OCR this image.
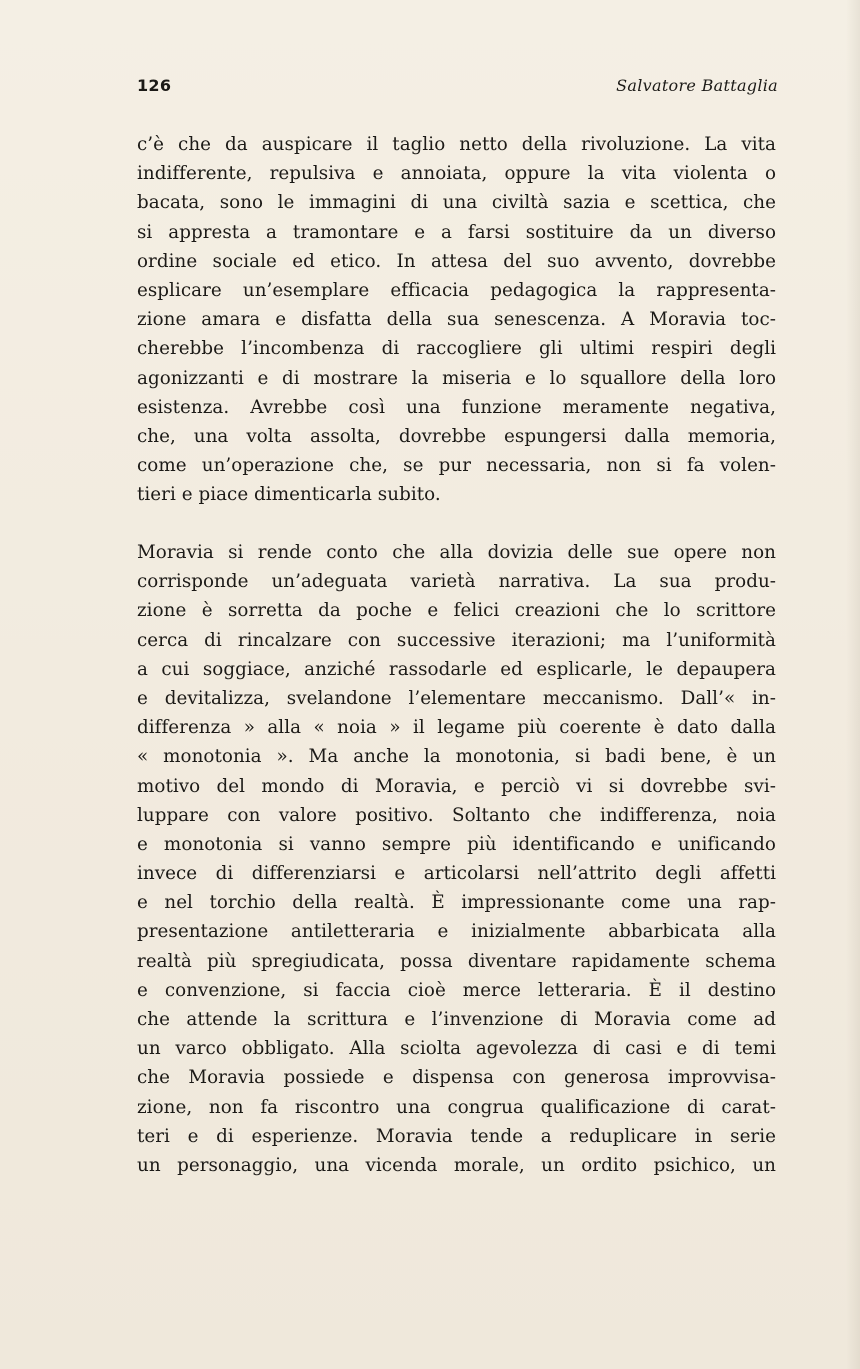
126	Salvatore Battaglia
c’è che da auspicare il taglio netto della rivoluzione. La vita
indifferente, repulsiva e annoiata, oppure la vita violenta o
bacata, sono le immagini di una civiltà sazia e scettica, che
si appresta a tramontare e a farsi sostituire da un diverso
ordine sociale ed etico. In attesa del suo avvento, dovrebbe
esplicare un’esemplare efficacia pedagogica la rappresenta-
zione amara e disfatta della sua senescenza. A Moravia toc-
cherebbe l’incombenza di raccogliere gli ultimi respiri degli
agonizzanti e di mostrare la miseria e lo squallore della loro
esistenza. Avrebbe così una funzione meramente negativa,
che, una volta assolta, dovrebbe espungersi dalla memoria,
come un’operazione che, se pur necessaria, non si fa volen-
tieri e piace dimenticarla subito.
Moravia si rende conto che alla dovizia delle sue opere non
corrisponde un’adeguata varietà narrativa. La sua produ-
zione è sorretta da poche e felici creazioni che lo scrittore
cerca di rincalzare con successive iterazioni; ma l’uniformità
a cui soggiace, anziché rassodarle ed esplicarle, le depaupera
e devitalizza, svelandone l’elementare meccanismo. Dall’« in-
differenza » alla « noia » il legame più coerente è dato dalla
« monotonia ». Ma anche la monotonia, si badi bene, è un
motivo del mondo di Moravia, e perciò vi si dovrebbe svi-
luppare con valore positivo. Soltanto che indifferenza, noia
e monotonia si vanno sempre più identificando e unificando
invece di differenziarsi e articolarsi nell’attrito degli affetti
e nel torchio della realtà. È impressionante come una rap-
presentazione antiletteraria e inizialmente abbarbicata alla
realtà più spregiudicata, possa diventare rapidamente schema
e convenzione, si faccia cioè merce letteraria. È il destino
che attende la scrittura e l’invenzione di Moravia come ad
un varco obbligato. Alla sciolta agevolezza di casi e di temi
che Moravia possiede e dispensa con generosa improvvisa-
zione, non fa riscontro una congrua qualificazione di carat-
teri e di esperienze. Moravia tende a reduplicare in serie
un personaggio, una vicenda morale, un ordito psichico, un
